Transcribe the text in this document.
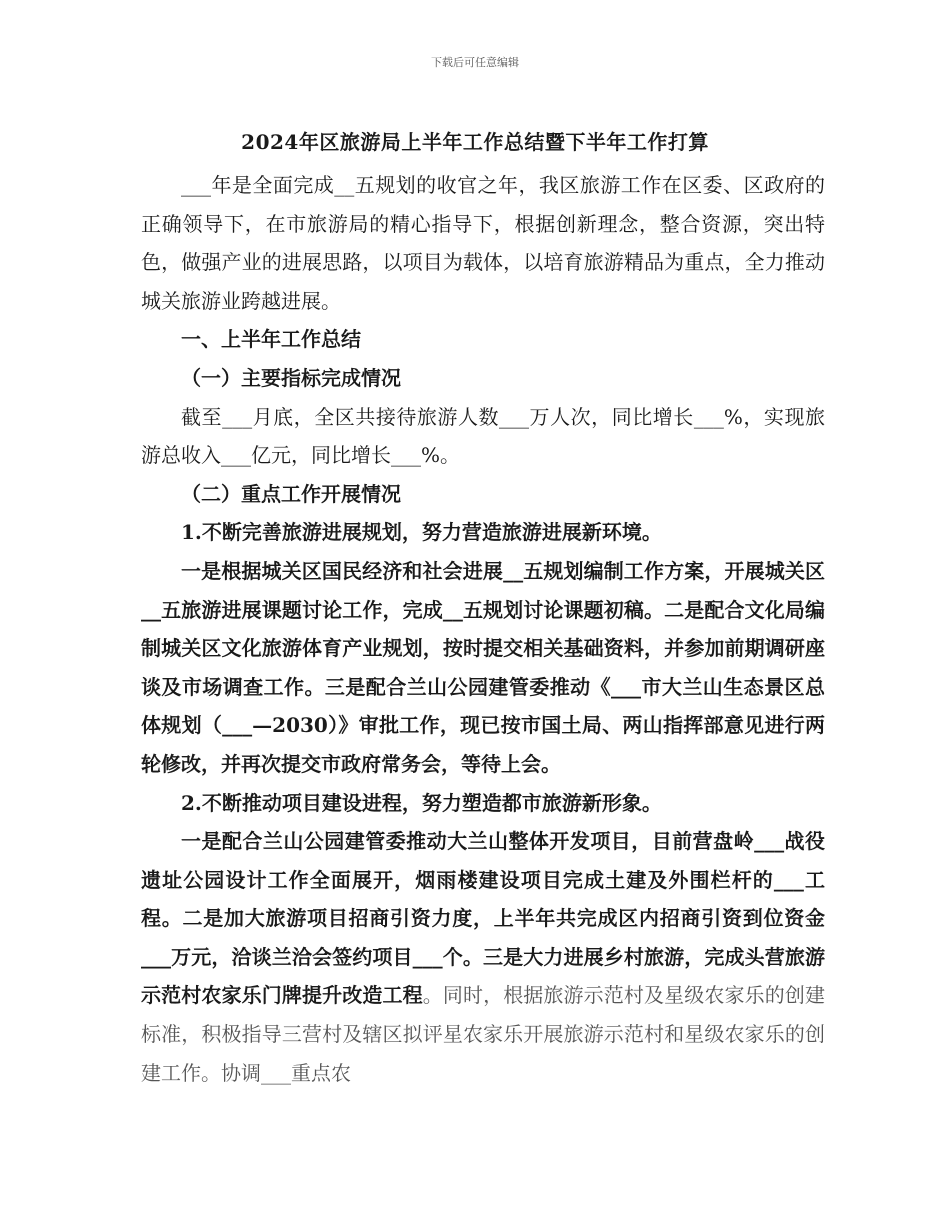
下载后可任意编辑
2024年区旅游局上半年工作总结暨下半年工作打算

___年是全面完成__五规划的收官之年，我区旅游工作在区委、区政府的正确领导下，在市旅游局的精心指导下，根据创新理念，整合资源，突出特色，做强产业的进展思路，以项目为载体，以培育旅游精品为重点，全力推动城关旅游业跨越进展。

一、上半年工作总结

（一）主要指标完成情况

截至___月底，全区共接待旅游人数___万人次，同比增长___%，实现旅游总收入___亿元，同比增长___%。

（二）重点工作开展情况

1.不断完善旅游进展规划，努力营造旅游进展新环境。

一是根据城关区国民经济和社会进展__五规划编制工作方案，开展城关区__五旅游进展课题讨论工作，完成__五规划讨论课题初稿。二是配合文化局编制城关区文化旅游体育产业规划，按时提交相关基础资料，并参加前期调研座谈及市场调查工作。三是配合兰山公园建管委推动《___市大兰山生态景区总体规划（___—2030）》审批工作，现已按市国土局、两山指挥部意见进行两轮修改，并再次提交市政府常务会，等待上会。

2.不断推动项目建设进程，努力塑造都市旅游新形象。

一是配合兰山公园建管委推动大兰山整体开发项目，目前营盘岭___战役遗址公园设计工作全面展开，烟雨楼建设项目完成土建及外围栏杆的___工程。二是加大旅游项目招商引资力度，上半年共完成区内招商引资到位资金___万元，洽谈兰洽会签约项目___个。三是大力进展乡村旅游，完成头营旅游示范村农家乐门牌提升改造工程。同时，根据旅游示范村及星级农家乐的创建标准，积极指导三营村及辖区拟评星农家乐开展旅游示范村和星级农家乐的创建工作。协调___重点农
